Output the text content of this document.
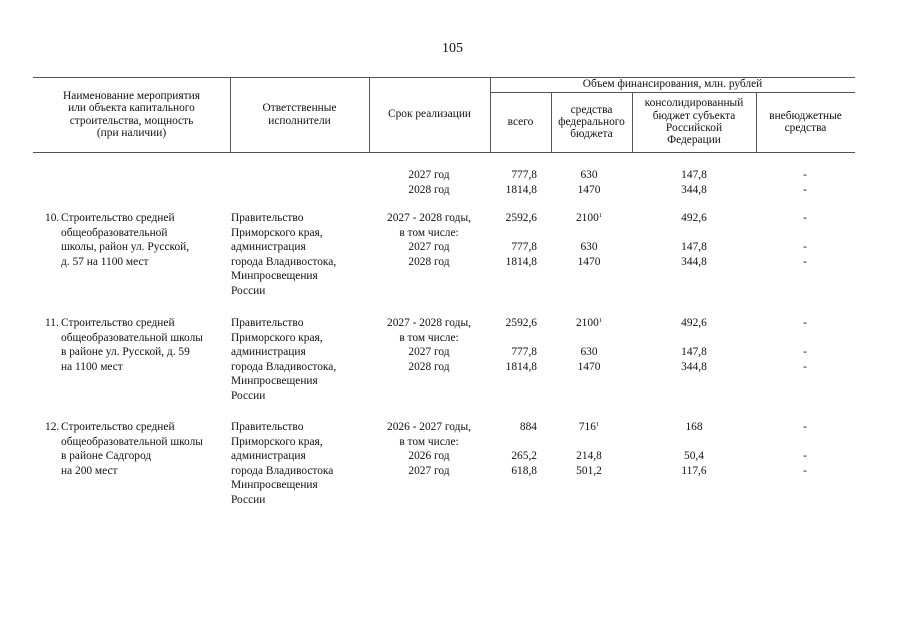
105
Наименование мероприятия
или объекта капитального
строительства, мощность
(при наличии)
Ответственные
исполнители
Срок реализации
Объем финансирования, млн. рублей
всего
средства
федерального
бюджета
консолидированный
бюджет субъекта
Российской
Федерации
внебюджетные
средства
2027 год
2028 год
777,8
1814,8
630
1470
147,8
344,8
-
-
10. Строительство средней
общеобразовательной
школы, район ул. Русской,
д. 57 на 1100 мест
Правительство
Приморского края,
администрация
города Владивостока,
Минпросвещения
России
2027 - 2028 годы,
в том числе:
2027 год
2028 год
2592,6
777,8
1814,8
2100$^1$
630
1470
492,6
147,8
344,8
-
-
-
11. Строительство средней
общеобразовательной школы
в районе ул. Русской, д. 59
на 1100 мест
Правительство
Приморского края,
администрация
города Владивостока,
Минпросвещения
России
2027 - 2028 годы,
в том числе:
2027 год
2028 год
2592,6
777,8
1814,8
2100$^1$
630
1470
492,6
147,8
344,8
-
-
-
12. Строительство средней
общеобразовательной школы
в районе Садгород
на 200 мест
Правительство
Приморского края,
администрация
города Владивостока
Минпросвещения
России
2026 - 2027 годы,
в том числе:
2026 год
2027 год
884
265,2
618,8
$716^1$
214,8
501,2
168
50,4
117,6
-
-
-
